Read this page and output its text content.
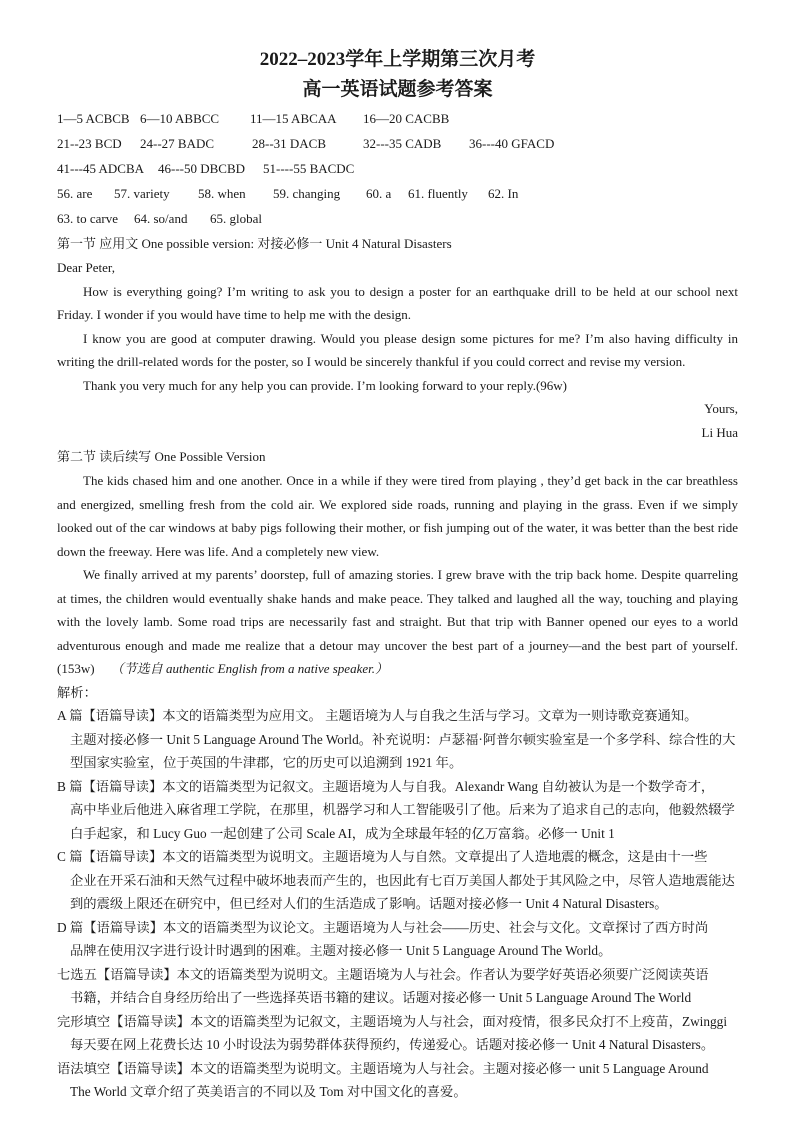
2022–2023学年上学期第三次月考
高一英语试题参考答案
1—5 ACBCB 6—10 ABBCC 11—15 ABCAA 16—20 CACBB
21--23 BCD 24--27 BADC	28--31 DACB	32---35 CADB 36---40 GFACD
41---45 ADCBA 46---50 DBCBD 51----55 BACDC
56. are 57. variety 58. when 59. changing 60. a 61. fluently 62. In
63. to carve 64. so/and 65. global
第一节 应用文 One possible version: 对接必修一 Unit 4 Natural Disasters

Dear Peter,

How is everything going? I’m writing to ask you to design a poster for an earthquake drill to be held at our school next Friday. I wonder if you would have time to help me with the design.

I know you are good at computer drawing. Would you please design some pictures for me? I’m also having difficulty in writing the drill-related words for the poster, so I would be sincerely thankful if you could correct and revise my version.

Thank you very much for any help you can provide. I’m looking forward to your reply.(96w)

Yours,
Li Hua
第二节 读后续写 One Possible Version

The kids chased him and one another. Once in a while if they were tired from playing , they’d get back in the car breathless and energized, smelling fresh from the cold air. We explored side roads, running and playing in the grass. Even if we simply looked out of the car windows at baby pigs following their mother, or fish jumping out of the water, it was better than the best ride down the freeway. Here was life. And a completely new view.

We finally arrived at my parents’ doorstep, full of amazing stories. I grew brave with the trip back home. Despite quarreling at times, the children would eventually shake hands and make peace. They talked and laughed all the way, touching and playing with the lovely lamb. Some road trips are necessarily fast and straight. But that trip with Banner opened our eyes to a world adventurous enough and made me realize that a detour may uncover the best part of a journey—and the best part of yourself. (153w) （节选自 authentic English from a native speaker.）

解析：
A 篇【语篇导读】本文的语篇类型为应用文。 主题语境为人与自我之生活与学习。文章为一则诗歌竞赛通知。
主题对接必修一 Unit 5 Language Around The World。补充说明：卢瑟福·阿普尔顿实验室是一个多学科、综合性的大型国家实验室，位于英国的牛津郡，它的历史可以追溯到 1921 年。
B 篇【语篇导读】本文的语篇类型为记叙文。主题语境为人与自我。Alexandr Wang 自幼被认为是一个数学奇才，
高中毕业后他进入麻省理工学院，在那里，机器学习和人工智能吸引了他。后来为了追求自己的志向，他毅然辍学白手起家，和 Lucy Guo 一起创建了公司 Scale AI，成为全球最年轻的亿万富翁。必修一 Unit 1
C 篇【语篇导读】本文的语篇类型为说明文。主题语境为人与自然。文章提出了人造地震的概念，这是由十一些
企业在开采石油和天然气过程中破坏地表而产生的，也因此有七百万美国人都处于其风险之中，尽管人造地震能达到的震级上限还在研究中，但已经对人们的生活造成了影响。话题对接必修一 Unit 4 Natural Disasters。
D 篇【语篇导读】本文的语篇类型为议论文。主题语境为人与社会——历史、社会与文化。文章探讨了西方时尚
品牌在使用汉字进行设计时遇到的困难。主题对接必修一 Unit 5 Language Around The World。
七选五【语篇导读】本文的语篇类型为说明文。主题语境为人与社会。作者认为要学好英语必须要广泛阅读英语
书籍，并结合自身经历给出了一些选择英语书籍的建议。话题对接必修一 Unit 5 Language Around The World
完形填空【语篇导读】本文的语篇类型为记叙文，主题语境为人与社会，面对疫情，很多民众打不上疫苗，Zwinggi
每天要在网上花费长达 10 小时设法为弱势群体获得预约，传递爱心。话题对接必修一 Unit 4 Natural Disasters。
语法填空【语篇导读】本文的语篇类型为说明文。主题语境为人与社会。主题对接必修一 unit 5 Language Around
The World 文章介绍了英美语言的不同以及 Tom 对中国文化的喜爱。
